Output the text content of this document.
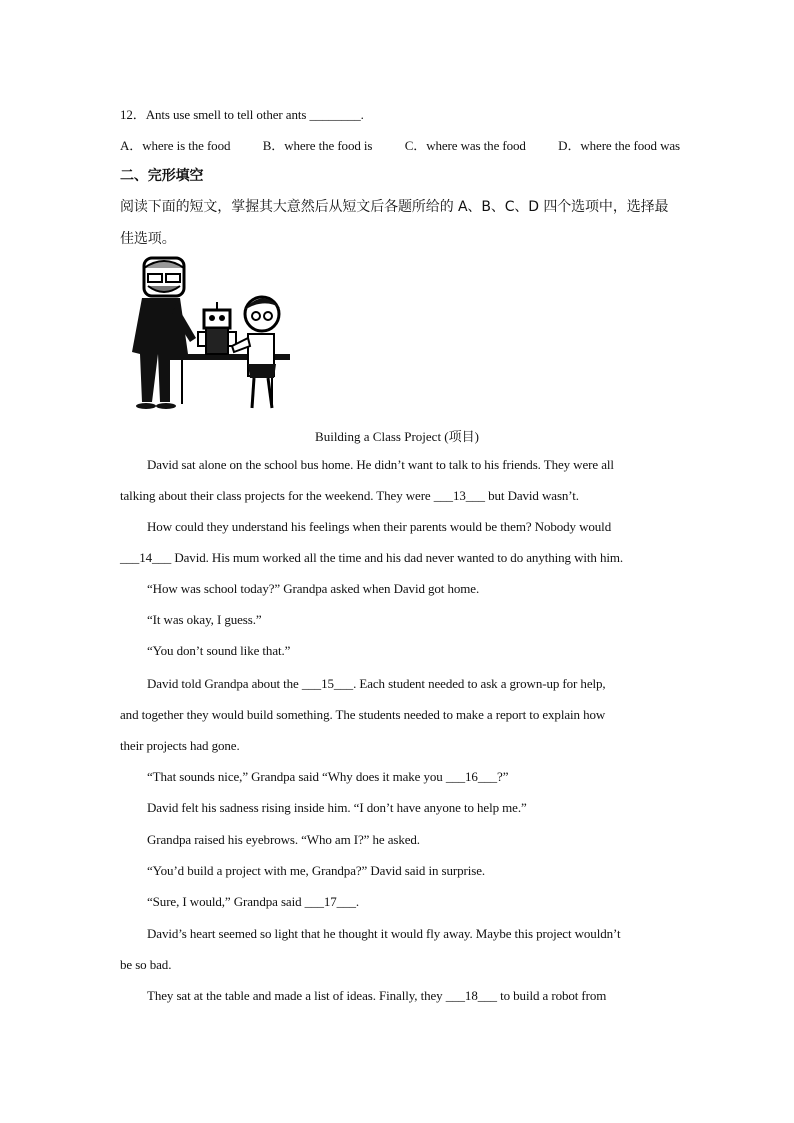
12．Ants use smell to tell other ants ________.
A．where is the food B．where the food is C．where was the food D．where the food was
二、完形填空
阅读下面的短文，掌握其大意然后从短文后各题所给的 A、B、C、D 四个选项中，选择最
佳选项。
Building a Class Project (项目)
David sat alone on the school bus home. He didn’t want to talk to his friends. They were all
talking about their class projects for the weekend. They were ___13___ but David wasn’t.
How could they understand his feelings when their parents would be them? Nobody would
___14___ David. His mum worked all the time and his dad never wanted to do anything with him.
“How was school today?” Grandpa asked when David got home.
“It was okay, I guess.”
“You don’t sound like that.”
David told Grandpa about the ___15___. Each student needed to ask a grown-up for help,
and together they would build something. The students needed to make a report to explain how
their projects had gone.
“That sounds nice,” Grandpa said “Why does it make you ___16___?”
David felt his sadness rising inside him. “I don’t have anyone to help me.”
Grandpa raised his eyebrows. “Who am I?” he asked.
“You’d build a project with me, Grandpa?” David said in surprise.
“Sure, I would,” Grandpa said ___17___.
David’s heart seemed so light that he thought it would fly away. Maybe this project wouldn’t
be so bad.
They sat at the table and made a list of ideas. Finally, they ___18___ to build a robot from
